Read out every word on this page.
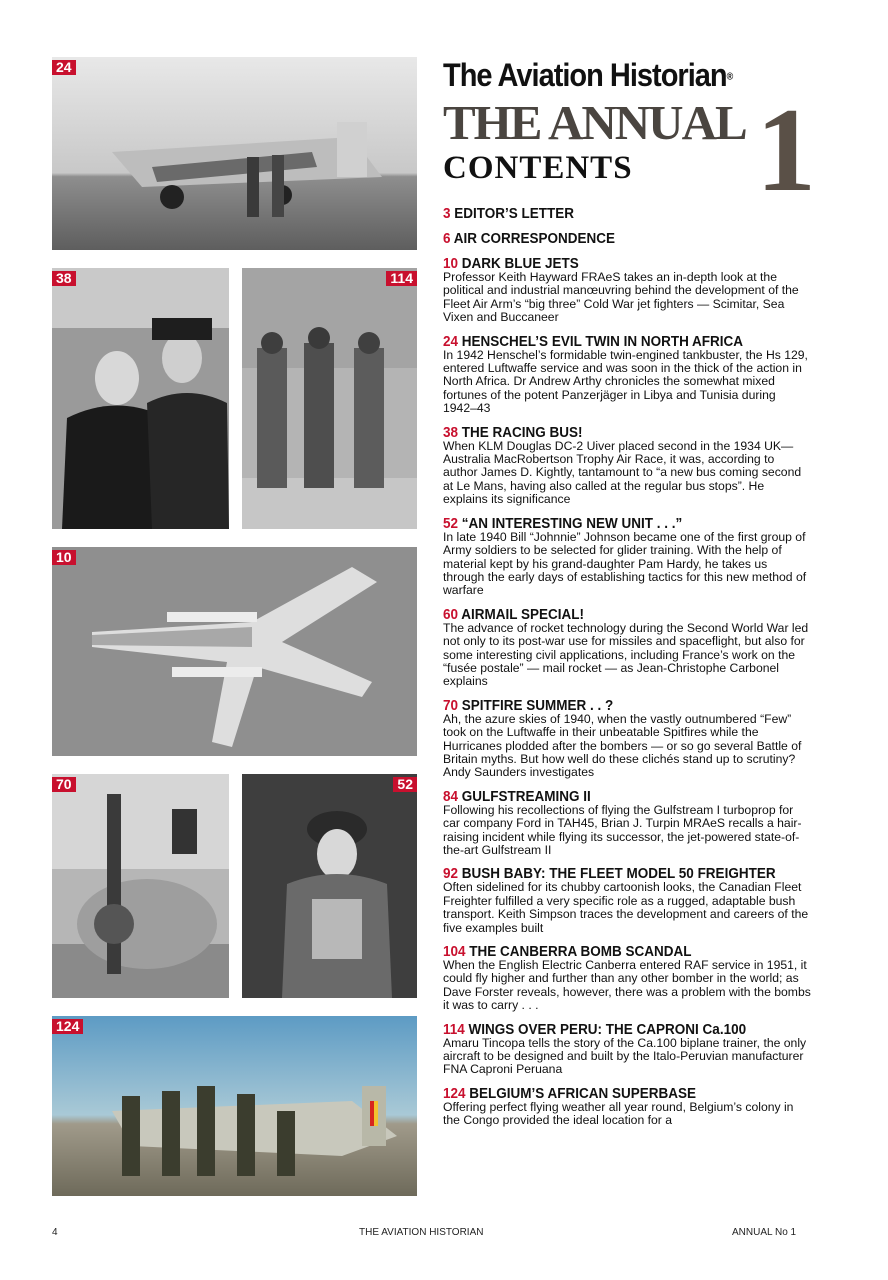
24
38	114
10
70	52
124
The Aviation Historian®
THE ANNUAL 1
CONTENTS
3 EDITOR’S LETTER
6 AIR CORRESPONDENCE
10 DARK BLUE JETS
Professor Keith Hayward FRAeS takes an in-depth look at the political and industrial manœuvring behind the development of the Fleet Air Arm’s “big three” Cold War jet fighters — Scimitar, Sea Vixen and Buccaneer
24 HENSCHEL’S EVIL TWIN IN NORTH AFRICA
In 1942 Henschel’s formidable twin-engined tankbuster, the Hs 129, entered Luftwaffe service and was soon in the thick of the action in North Africa. Dr Andrew Arthy chronicles the somewhat mixed fortunes of the potent Panzerjäger in Libya and Tunisia during 1942–43
38 THE RACING BUS!
When KLM Douglas DC-2 Uiver placed second in the 1934 UK—Australia MacRobertson Trophy Air Race, it was, according to author James D. Kightly, tantamount to “a new bus coming second at Le Mans, having also called at the regular bus stops”. He explains its significance
52 “AN INTERESTING NEW UNIT . . .”
In late 1940 Bill “Johnnie” Johnson became one of the first group of Army soldiers to be selected for glider training. With the help of material kept by his grand-daughter Pam Hardy, he takes us through the early days of establishing tactics for this new method of warfare
60 AIRMAIL SPECIAL!
The advance of rocket technology during the Second World War led not only to its post-war use for missiles and spaceflight, but also for some interesting civil applications, including France’s work on the “fusée postale” — mail rocket — as Jean-Christophe Carbonel explains
70 SPITFIRE SUMMER . . ?
Ah, the azure skies of 1940, when the vastly outnumbered “Few” took on the Luftwaffe in their unbeatable Spitfires while the Hurricanes plodded after the bombers — or so go several Battle of Britain myths. But how well do these clichés stand up to scrutiny? Andy Saunders investigates
84 GULFSTREAMING II
Following his recollections of flying the Gulfstream I turboprop for car company Ford in TAH45, Brian J. Turpin MRAeS recalls a hair-raising incident while flying its successor, the jet-powered state-of-the-art Gulfstream II
92 BUSH BABY: THE FLEET MODEL 50 FREIGHTER
Often sidelined for its chubby cartoonish looks, the Canadian Fleet Freighter fulfilled a very specific role as a rugged, adaptable bush transport. Keith Simpson traces the development and careers of the five examples built
104 THE CANBERRA BOMB SCANDAL
When the English Electric Canberra entered RAF service in 1951, it could fly higher and further than any other bomber in the world; as Dave Forster reveals, however, there was a problem with the bombs it was to carry . . .
114 WINGS OVER PERU: THE CAPRONI Ca.100
Amaru Tincopa tells the story of the Ca.100 biplane trainer, the only aircraft to be designed and built by the Italo-Peruvian manufacturer FNA Caproni Peruana
124 BELGIUM’S AFRICAN SUPERBASE
Offering perfect flying weather all year round, Belgium’s colony in the Congo provided the ideal location for a
4	THE AVIATION HISTORIAN	ANNUAL No 1
